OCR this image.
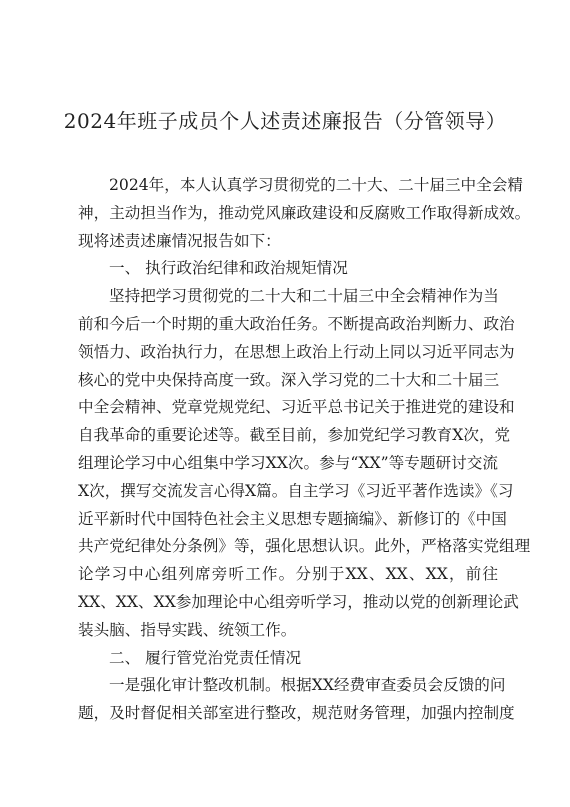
2024年班子成员个人述责述廉报告（分管领导）
2024年，本人认真学习贯彻党的二十大、二十届三中全会精
神，主动担当作为，推动党风廉政建设和反腐败工作取得新成效。
现将述责述廉情况报告如下：
一、 执行政治纪律和政治规矩情况
坚持把学习贯彻党的二十大和二十届三中全会精神作为当
前和今后一个时期的重大政治任务。不断提高政治判断力、政治
领悟力、政治执行力，在思想上政治上行动上同以习近平同志为
核心的党中央保持高度一致。深入学习党的二十大和二十届三
中全会精神、党章党规党纪、习近平总书记关于推进党的建设和
自我革命的重要论述等。截至目前，参加党纪学习教育X次，党
组理论学习中心组集中学习XX次。参与“XX”等专题研讨交流
X次，撰写交流发言心得X篇。自主学习《习近平著作选读》《习
近平新时代中国特色社会主义思想专题摘编》、新修订的《中国
共产党纪律处分条例》等，强化思想认识。此外，严格落实党组理
论学习中心组列席旁听工作。分别于XX、XX、XX，前往
XX、XX、XX参加理论中心组旁听学习，推动以党的创新理论武
装头脑、指导实践、统领工作。
二、 履行管党治党责任情况
一是强化审计整改机制。根据XX经费审查委员会反馈的问
题，及时督促相关部室进行整改，规范财务管理，加强内控制度
